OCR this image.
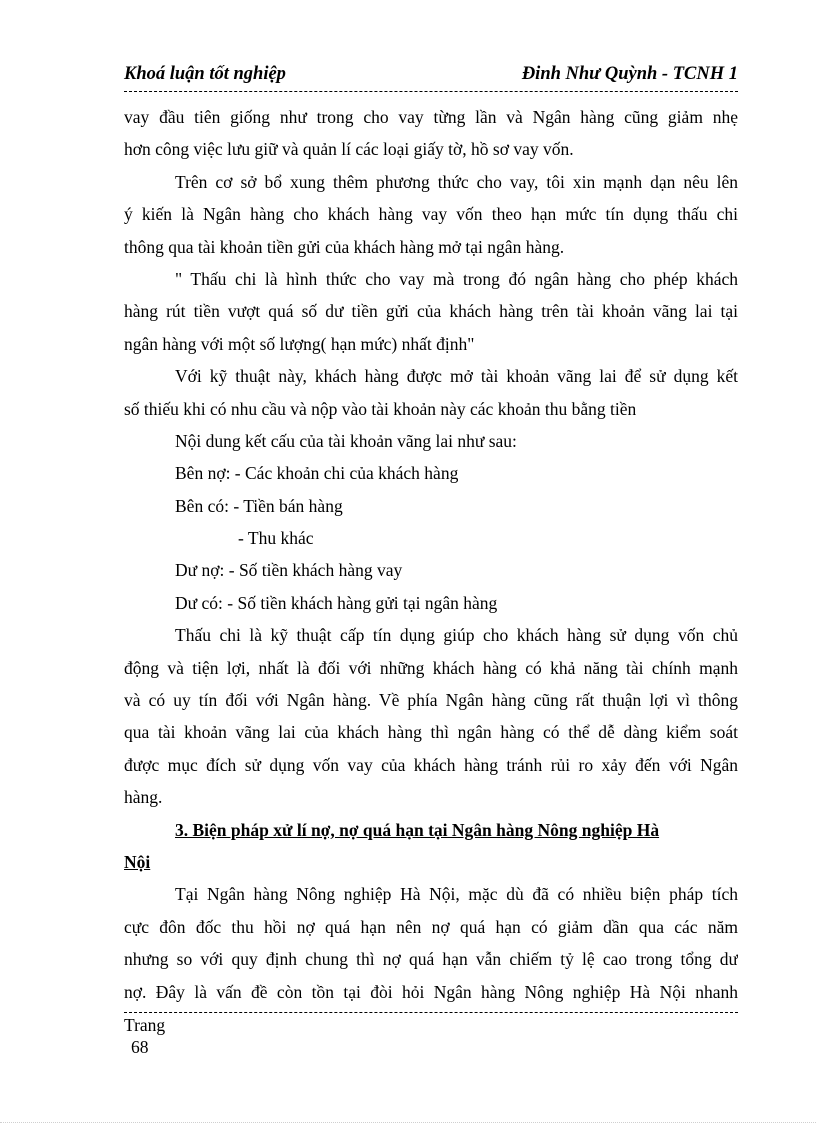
Khoá luận tốt nghiệp	Đinh Như Quỳnh - TCNH 1
vay đầu tiên giống như trong cho vay từng lần và Ngân hàng cũng giảm nhẹ
hơn công việc lưu giữ và quản lí các loại giấy tờ, hồ sơ vay vốn.
Trên cơ sở bổ xung thêm phương thức cho vay, tôi xin mạnh dạn nêu lên
ý kiến là Ngân hàng cho khách hàng vay vốn theo hạn mức tín dụng thấu chi
thông qua tài khoản tiền gửi của khách hàng mở tại ngân hàng.
" Thấu chi là hình thức cho vay mà trong đó ngân hàng cho phép khách
hàng rút tiền vượt quá số dư tiền gửi của khách hàng trên tài khoản vãng lai tại
ngân hàng với một số lượng( hạn mức) nhất định"
Với kỹ thuật này, khách hàng được mở tài khoản vãng lai để sử dụng kết
số thiếu khi có nhu cầu và nộp vào tài khoản này các khoản thu bằng tiền
Nội dung kết cấu của tài khoản vãng lai như sau:
Bên nợ: - Các khoản chi của khách hàng
Bên có: - Tiền bán hàng
- Thu khác
Dư nợ: - Số tiền khách hàng vay
Dư có: - Số tiền khách hàng gửi tại ngân hàng
Thấu chi là kỹ thuật cấp tín dụng giúp cho khách hàng sử dụng vốn chủ
động và tiện lợi, nhất là đối với những khách hàng có khả năng tài chính mạnh
và có uy tín đối với Ngân hàng. Về phía Ngân hàng cũng rất thuận lợi vì thông
qua tài khoản vãng lai của khách hàng thì ngân hàng có thể dễ dàng kiểm soát
được mục đích sử dụng vốn vay của khách hàng tránh rủi ro xảy đến với Ngân
hàng.
3. Biện pháp xử lí nợ, nợ quá hạn tại Ngân hàng Nông nghiệp Hà
Nội
Tại Ngân hàng Nông nghiệp Hà Nội, mặc dù đã có nhiều biện pháp tích
cực đôn đốc thu hồi nợ quá hạn nên nợ quá hạn có giảm dần qua các năm
nhưng so với quy định chung thì nợ quá hạn vẫn chiếm tỷ lệ cao trong tổng dư
nợ. Đây là vấn đề còn tồn tại đòi hỏi Ngân hàng Nông nghiệp Hà Nội nhanh
Trang
68
